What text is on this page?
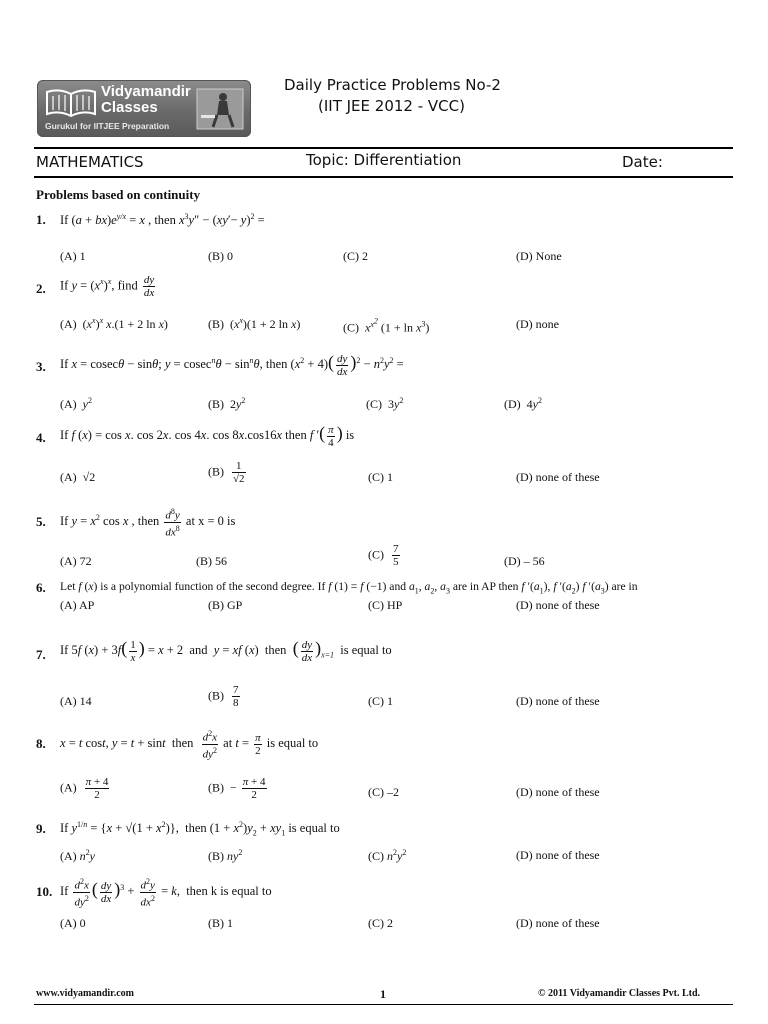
Vidyamandir
Classes
Gurukul for IITJEE Preparation
Daily Practice Problems No-2
(IIT JEE 2012 - VCC)
MATHEMATICS	Topic: Differentiation	Date:
Problems based on continuity
1. If $(a + bx)e^{y/x} = x$ , then $x^3y'' - (xy'- y)^2$ =
(A) 1	(B) 0	(C) 2	(D) None
2. If $y = (x^x)^x$, find $\frac{dy}{dx}$
(A)  $(x^x)^x$ x.(1 + 2 ln x)	(B)  $(x^x)(1 + 2$ ln x)	(C) $x^{x^2}$ $(1 + \ln x^3)$	(D) none
3. If x = cosecθ − sinθ; $y = cosec^n\theta - \sin^n\theta$, then $(x^2 + 4)( \frac{dy}{dx} )^2 - n^2y^2$ =
(A) $y^2$	(B)  $2y^2$	(C)  $3y^2$	(D)  $4y^2$
4. If f (x) = cos x. cos 2x. cos 4x. cos 8x.cos16x then f ′( $\frac{\pi}{4}$ ) is
(A)  √2	$(B) \frac{1}{√2}$	(C) 1	(D) none of these
5. If $y = x^2$ cos x , then $\frac{d^8y}{dx^8}$ at x = 0 is
(A) 72	(B) 56	$(C) \frac{7}{5}$	(D) – 56
6. Let f (x) is a polynomial function of the second degree. If f (1) = f (−1) and $a_1$, $a_2$, $a_3$ are in AP then f $'(a_1)$, f $'(a_2)$ f $'(a_3)$ are in
(A) AP	(B) GP	(C) HP	(D) none of these
7. If 5f $(x) + 3f( \frac{1}{x}$ ) = x + 2  and  y = xf (x)  then  ( $\frac{dy}{dx} )_{x=1}$  is equal to
(A) 14	$(B) \frac{7}{8}$	(C) 1	(D) none of these
8. x = t cost, y = t + sint  then $\frac{d^2x}{dy^2}$ at $t = \frac{\pi}{2}$ is equal to
$(A) \frac{\pi + 4}{2}$	$(B) - \frac{\pi + 4}{2}$	(C) –2	(D) none of these
9. If $y^{1/n} = \{x + √(1 + x^2)\}$,  then $(1 + x^2)y_2 + xy_1$ is equal to
(A) $n^2y$	(B) $ny^2$	(C) $n^2y^2$	(D) none of these
10. If $\frac{d^2x}{dy^2}$ ( $\frac{dy}{dx} )^3 + \frac{d^2y}{dx^2} = k$,  then k is equal to
(A) 0	(B) 1	(C) 2	(D) none of these
www.vidyamandir.com	1	© 2011 Vidyamandir Classes Pvt. Ltd.
